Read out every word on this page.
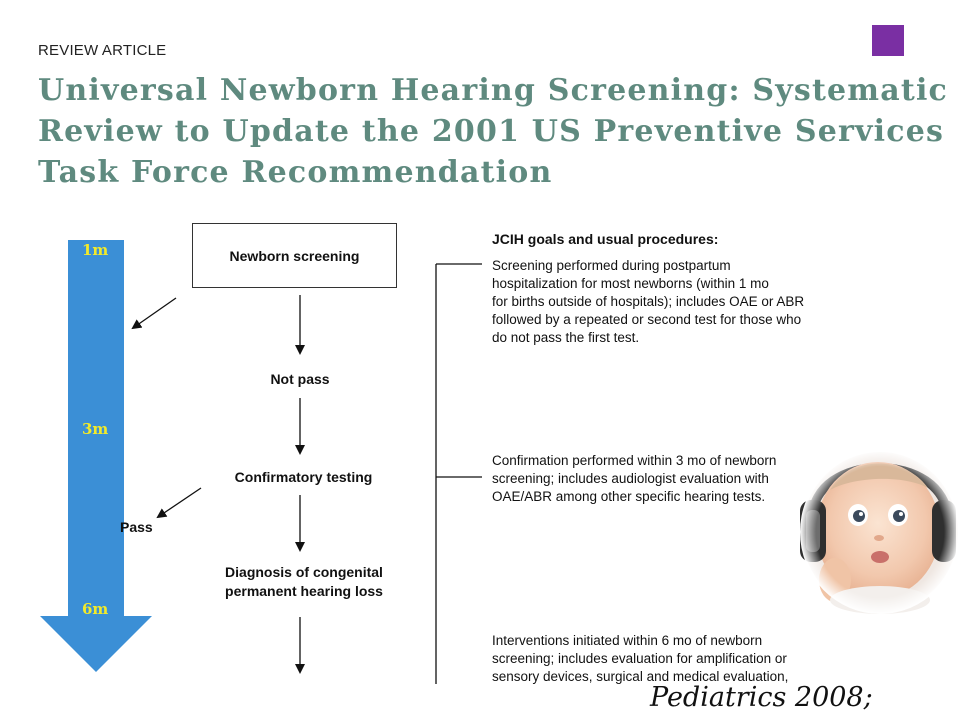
REVIEW ARTICLE
Universal Newborn Hearing Screening: Systematic
Review to Update the 2001 US Preventive Services
Task Force Recommendation
1m
3m
6m
Newborn screening
Not pass
Confirmatory testing
Diagnosis of congenital
permanent hearing loss
Pass
JCIH goals and usual procedures:
Screening performed during postpartum
hospitalization for most newborns (within 1 mo
for births outside of hospitals); includes OAE or ABR
followed by a repeated or second test for those who
do not pass the first test.
Confirmation performed within 3 mo of newborn
screening; includes audiologist evaluation with
OAE/ABR among other specific hearing tests.
Interventions initiated within 6 mo of newborn
screening; includes evaluation for amplification or
sensory devices, surgical and medical evaluation,
Pediatrics 2008;
